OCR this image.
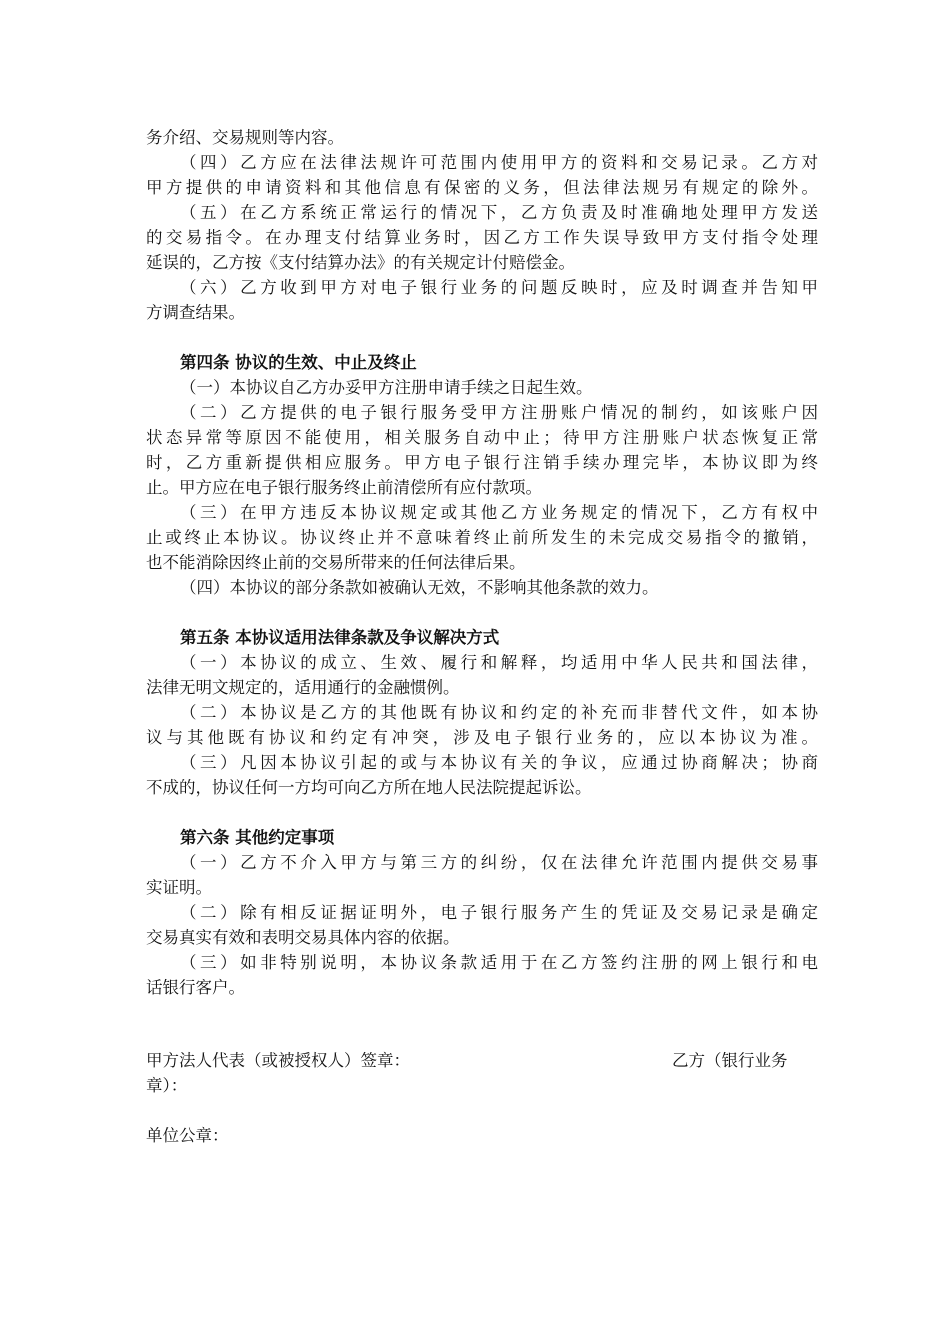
务介绍、交易规则等内容。
（四）乙方应在法律法规许可范围内使用甲方的资料和交易记录。乙方对
甲方提供的申请资料和其他信息有保密的义务，但法律法规另有规定的除外。
（五）在乙方系统正常运行的情况下，乙方负责及时准确地处理甲方发送
的交易指令。在办理支付结算业务时，因乙方工作失误导致甲方支付指令处理
延误的，乙方按《支付结算办法》的有关规定计付赔偿金。
（六）乙方收到甲方对电子银行业务的问题反映时，应及时调查并告知甲
方调查结果。
第四条 协议的生效、中止及终止
（一）本协议自乙方办妥甲方注册申请手续之日起生效。
（二）乙方提供的电子银行服务受甲方注册账户情况的制约，如该账户因
状态异常等原因不能使用，相关服务自动中止；待甲方注册账户状态恢复正常
时，乙方重新提供相应服务。甲方电子银行注销手续办理完毕，本协议即为终
止。甲方应在电子银行服务终止前清偿所有应付款项。
（三）在甲方违反本协议规定或其他乙方业务规定的情况下，乙方有权中
止或终止本协议。协议终止并不意味着终止前所发生的未完成交易指令的撤销，
也不能消除因终止前的交易所带来的任何法律后果。
（四）本协议的部分条款如被确认无效，不影响其他条款的效力。
第五条 本协议适用法律条款及争议解决方式
（一）本协议的成立、生效、履行和解释，均适用中华人民共和国法律，
法律无明文规定的，适用通行的金融惯例。
（二）本协议是乙方的其他既有协议和约定的补充而非替代文件，如本协
议与其他既有协议和约定有冲突，涉及电子银行业务的，应以本协议为准。
（三）凡因本协议引起的或与本协议有关的争议，应通过协商解决；协商
不成的，协议任何一方均可向乙方所在地人民法院提起诉讼。
第六条 其他约定事项
（一）乙方不介入甲方与第三方的纠纷，仅在法律允许范围内提供交易事
实证明。
（二）除有相反证据证明外，电子银行服务产生的凭证及交易记录是确定
交易真实有效和表明交易具体内容的依据。
（三）如非特别说明，本协议条款适用于在乙方签约注册的网上银行和电
话银行客户。
甲方法人代表（或被授权人）签章：	乙方（银行业务
章）：
单位公章：
